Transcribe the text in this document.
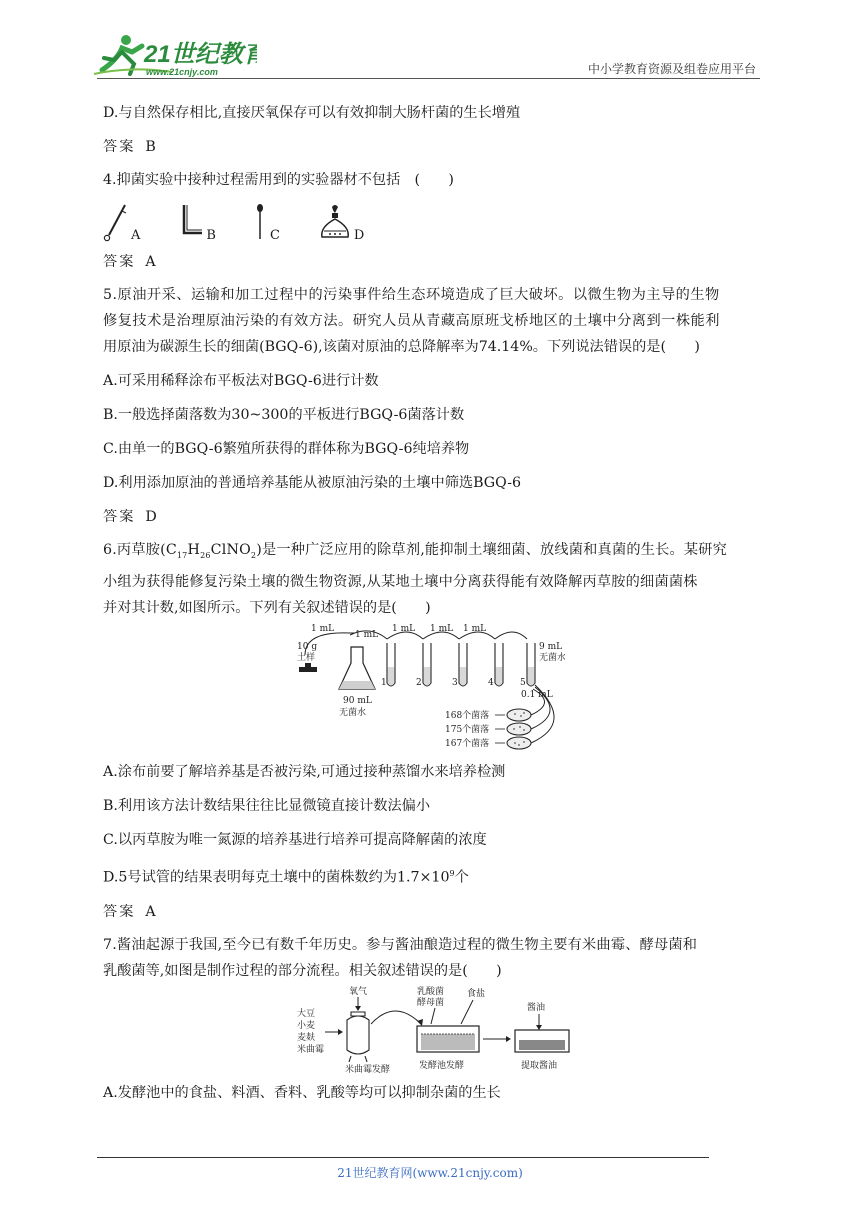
21世纪教育
www.21cnjy.com	中小学教育资源及组卷应用平台

D.与自然保存相比,直接厌氧保存可以有效抑制大肠杆菌的生长增殖

答案 B

4.抑菌实验中接种过程需用到的实验器材不包括　(　　)

A	B	C	D
答案 A

5.原油开采、运输和加工过程中的污染事件给生态环境造成了巨大破坏。以微生物为主导的生物

修复技术是治理原油污染的有效方法。研究人员从青藏高原班戈桥地区的土壤中分离到一株能利

用原油为碳源生长的细菌(BGQ-6),该菌对原油的总降解率为74.14%。下列说法错误的是(　　)

A.可采用稀释涂布平板法对BGQ-6进行计数

B.一般选择菌落数为30~300的平板进行BGQ-6菌落计数

C.由单一的BGQ-6繁殖所获得的群体称为BGQ-6纯培养物

D.利用添加原油的普通培养基能从被原油污染的土壤中筛选BGQ-6

答案 D

6.丙草胺$(C_{17}H_{26}ClNO_2)$是一种广泛应用的除草剂,能抑制土壤细菌、放线菌和真菌的生长。某研究

小组为获得能修复污染土壤的微生物资源,从某地土壤中分离获得能有效降解丙草胺的细菌菌株

并对其计数,如图所示。下列有关叙述错误的是(　　)

1 mL
1 mL
1 mL 1 mL 1 mL
10 g
土样
90 mL
无菌水
1	2	3	4	5
9 mL
无菌水
0.1 mL
168个菌落
175个菌落
167个菌落

A.涂布前要了解培养基是否被污染,可通过接种蒸馏水来培养检测

B.利用该方法计数结果往往比显微镜直接计数法偏小

C.以丙草胺为唯一氮源的培养基进行培养可提高降解菌的浓度

D.5号试管的结果表明每克土壤中的菌株数约为$1.7\times 10^9$个

答案 A

7.酱油起源于我国,至今已有数千年历史。参与酱油酿造过程的微生物主要有米曲霉、酵母菌和

乳酸菌等,如图是制作过程的部分流程。相关叙述错误的是(　　)

氧气
大豆
小麦
麦麸
米曲霉
米曲霉发酵
乳酸菌
酵母菌
食盐
发酵池发酵
酱油
提取酱油

A.发酵池中的食盐、料酒、香料、乳酸等均可以抑制杂菌的生长

21世纪教育网(www.21cnjy.com)
